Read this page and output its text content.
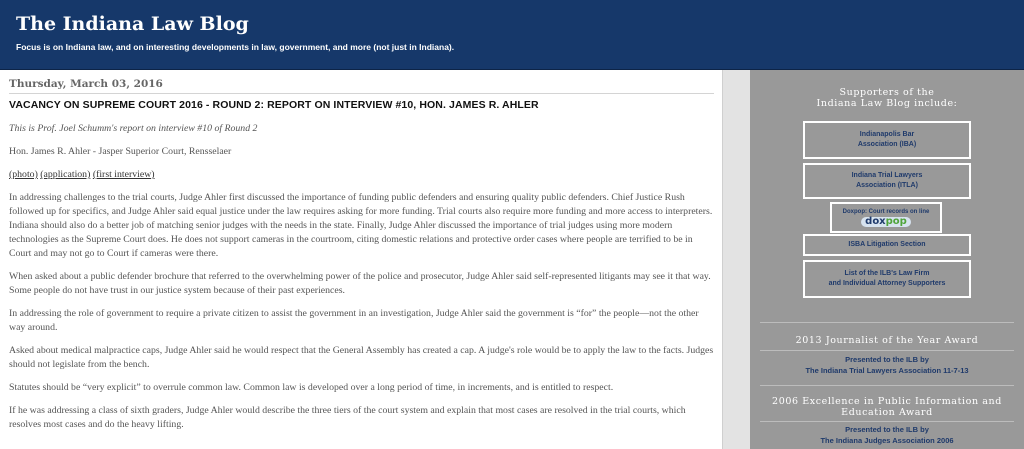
The Indiana Law Blog
Focus is on Indiana law, and on interesting developments in law, government, and more (not just in Indiana).
Thursday, March 03, 2016
VACANCY ON SUPREME COURT 2016 - ROUND 2: REPORT ON INTERVIEW #10, HON. JAMES R. AHLER

This is Prof. Joel Schumm's report on interview #10 of Round 2

Hon. James R. Ahler - Jasper Superior Court, Rensselaer

(photo) (application) (first interview)

In addressing challenges to the trial courts, Judge Ahler first discussed the importance of funding public defenders and ensuring quality public defenders. Chief Justice Rush followed up for specifics, and Judge Ahler said equal justice under the law requires asking for more funding. Trial courts also require more funding and more access to interpreters. Indiana should also do a better job of matching senior judges with the needs in the state. Finally, Judge Ahler discussed the importance of trial judges using more modern technologies as the Supreme Court does. He does not support cameras in the courtroom, citing domestic relations and protective order cases where people are terrified to be in Court and may not go to Court if cameras were there.

When asked about a public defender brochure that referred to the overwhelming power of the police and prosecutor, Judge Ahler said self-represented litigants may see it that way. Some people do not have trust in our justice system because of their past experiences.

In addressing the role of government to require a private citizen to assist the government in an investigation, Judge Ahler said the government is “for” the people—not the other way around.

Asked about medical malpractice caps, Judge Ahler said he would respect that the General Assembly has created a cap. A judge's role would be to apply the law to the facts. Judges should not legislate from the bench.

Statutes should be “very explicit” to overrule common law. Common law is developed over a long period of time, in increments, and is entitled to respect.

If he was addressing a class of sixth graders, Judge Ahler would describe the three tiers of the court system and explain that most cases are resolved in the trial courts, which resolves most cases and do the heavy lifting.

Supporters of the
Indiana Law Blog include:
Indianapolis Bar
Association (IBA)
Indiana Trial Lawyers
Association (ITLA)
Doxpop: Court records on line
doxpop
ISBA Litigation Section
List of the ILB's Law Firm
and Individual Attorney Supporters
2013 Journalist of the Year Award
Presented to the ILB by
The Indiana Trial Lawyers Association 11-7-13
2006 Excellence in Public Information and
Education Award
Presented to the ILB by
The Indiana Judges Association 2006
